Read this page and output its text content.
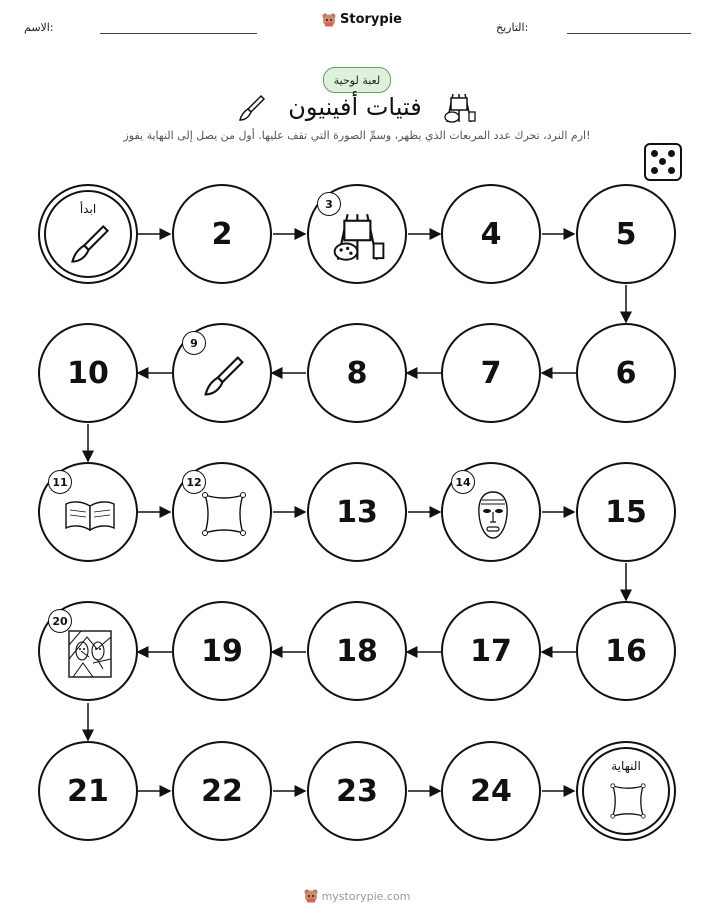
الاسم:
Storypie
التاريخ:
لعبة لوحية
فتيات أفينيون
ارم النرد، تحرك عدد المربعات الذي يظهر، وسمِّ الصورة التي تقف عليها. أول من يصل إلى النهاية يفوز!
ابدأ
2
3
4	5
6
7
8
9
10
11	12
13
14
15
16
17
18
19
20
21	22	23	24
النهاية
mystorypie.com
